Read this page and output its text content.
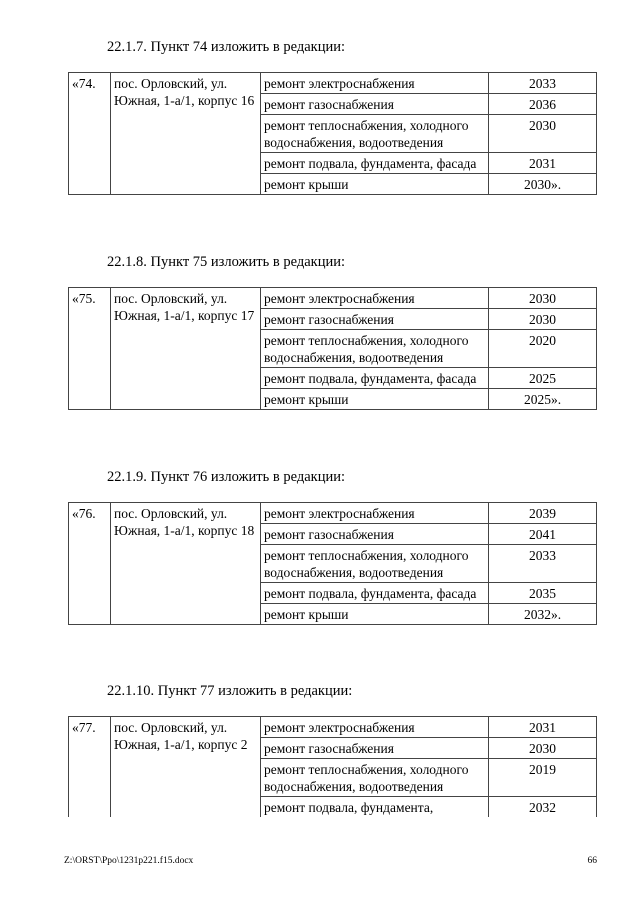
22.1.7. Пункт 74 изложить в редакции:
«74.	пос. Орловский, ул. Южная, 1-а/1, корпус 16	ремонт электроснабжения	2033
		ремонт газоснабжения	2036
		ремонт теплоснабжения, холодного водоснабжения, водоотведения	2030
		ремонт подвала, фундамента, фасада	2031
		ремонт крыши	2030».
22.1.8. Пункт 75 изложить в редакции:
«75.	пос. Орловский, ул. Южная, 1-а/1, корпус 17	ремонт электроснабжения	2030
		ремонт газоснабжения	2030
		ремонт теплоснабжения, холодного водоснабжения, водоотведения	2020
		ремонт подвала, фундамента, фасада	2025
		ремонт крыши	2025».
22.1.9. Пункт 76 изложить в редакции:
«76.	пос. Орловский, ул. Южная, 1-а/1, корпус 18	ремонт электроснабжения	2039
		ремонт газоснабжения	2041
		ремонт теплоснабжения, холодного водоснабжения, водоотведения	2033
		ремонт подвала, фундамента, фасада	2035
		ремонт крыши	2032».
22.1.10. Пункт 77 изложить в редакции:
«77.	пос. Орловский, ул. Южная, 1-а/1, корпус 2	ремонт электроснабжения	2031
		ремонт газоснабжения	2030
		ремонт теплоснабжения, холодного водоснабжения, водоотведения	2019
		ремонт подвала, фундамента,	2032
Z:\ORST\Ppo\1231p221.f15.docx	66
